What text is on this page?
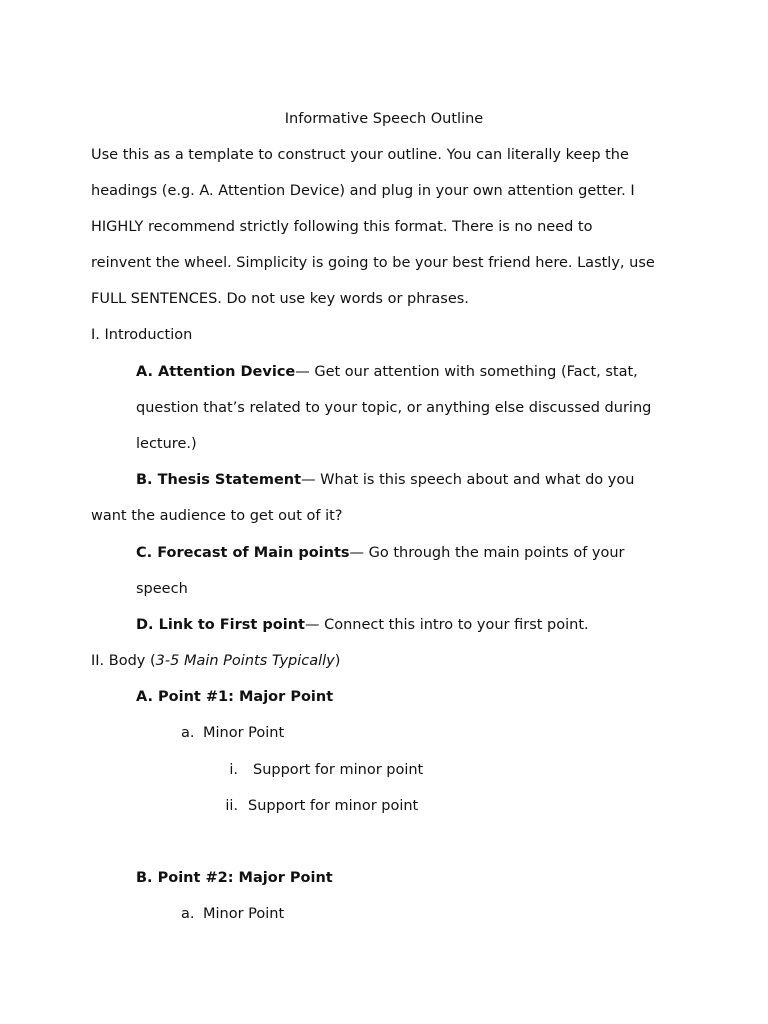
Informative Speech Outline
Use this as a template to construct your outline. You can literally keep the
headings (e.g. A. Attention Device) and plug in your own attention getter. I
HIGHLY recommend strictly following this format. There is no need to
reinvent the wheel. Simplicity is going to be your best friend here. Lastly, use
FULL SENTENCES. Do not use key words or phrases.
I. Introduction
A. Attention Device— Get our attention with something (Fact, stat,
question that’s related to your topic, or anything else discussed during
lecture.)
B. Thesis Statement— What is this speech about and what do you
want the audience to get out of it?
C. Forecast of Main points— Go through the main points of your
speech
D. Link to First point— Connect this intro to your first point.
II. Body (3-5 Main Points Typically)
A. Point #1: Major Point
a. Minor Point
i. Support for minor point
ii. Support for minor point
B. Point #2: Major Point
a. Minor Point
